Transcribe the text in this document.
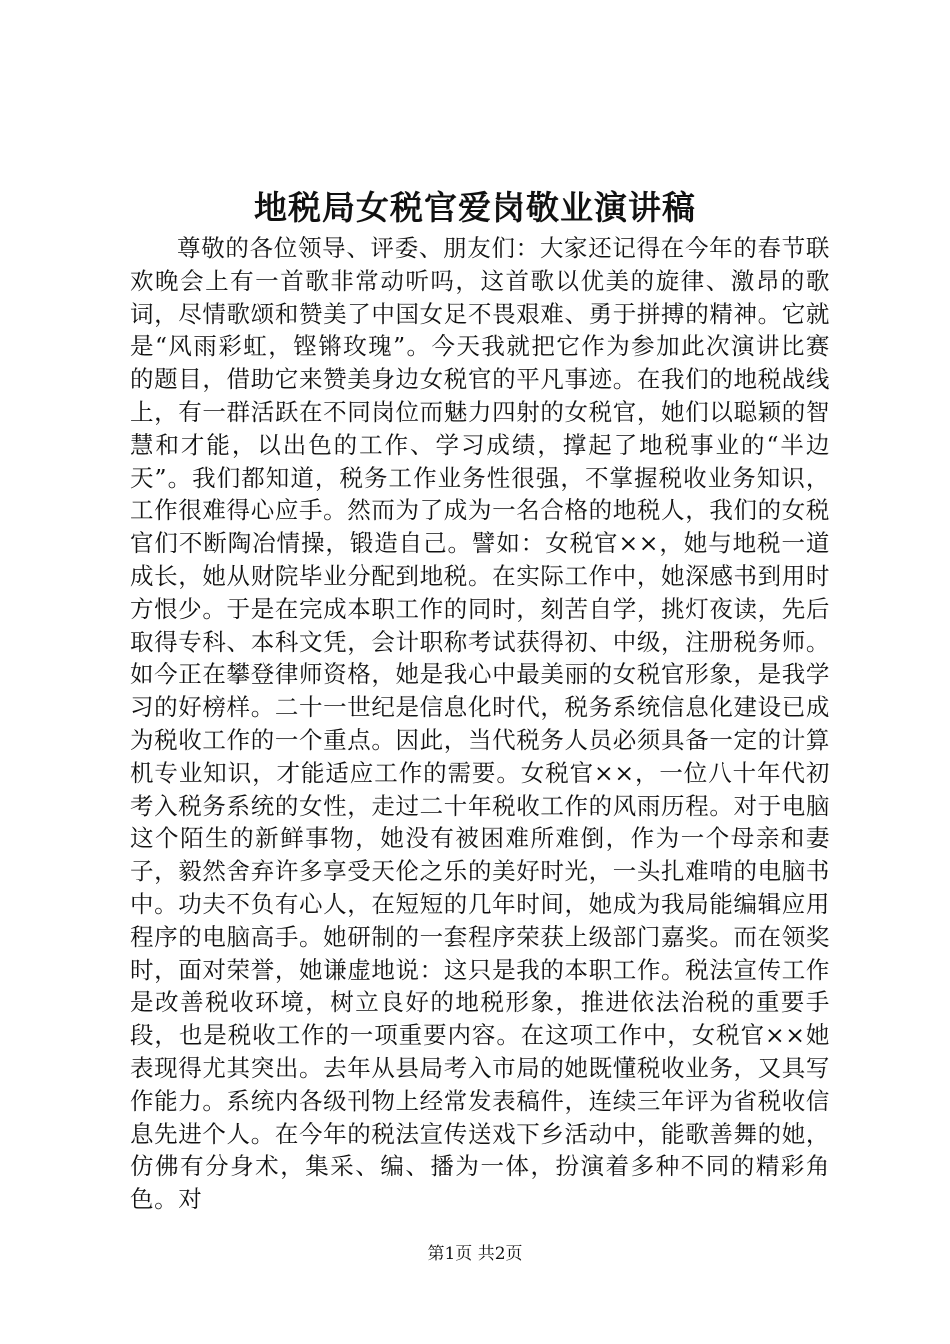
地税局女税官爱岗敬业演讲稿

尊敬的各位领导、评委、朋友们：大家还记得在今年的春节联欢晚会上有一首歌非常动听吗，这首歌以优美的旋律、激昂的歌词，尽情歌颂和赞美了中国女足不畏艰难、勇于拼搏的精神。它就是“风雨彩虹，铿锵玫瑰”。今天我就把它作为参加此次演讲比赛的题目，借助它来赞美身边女税官的平凡事迹。在我们的地税战线上，有一群活跃在不同岗位而魅力四射的女税官，她们以聪颖的智慧和才能，以出色的工作、学习成绩，撑起了地税事业的“半边天”。我们都知道，税务工作业务性很强，不掌握税收业务知识，工作很难得心应手。然而为了成为一名合格的地税人，我们的女税官们不断陶冶情操，锻造自己。譬如：女税官××，她与地税一道成长，她从财院毕业分配到地税。在实际工作中，她深感书到用时方恨少。于是在完成本职工作的同时，刻苦自学，挑灯夜读，先后取得专科、本科文凭，会计职称考试获得初、中级，注册税务师。如今正在攀登律师资格，她是我心中最美丽的女税官形象，是我学习的好榜样。二十一世纪是信息化时代，税务系统信息化建设已成为税收工作的一个重点。因此，当代税务人员必须具备一定的计算机专业知识，才能适应工作的需要。女税官××，一位八十年代初考入税务系统的女性，走过二十年税收工作的风雨历程。对于电脑这个陌生的新鲜事物，她没有被困难所难倒，作为一个母亲和妻子，毅然舍弃许多享受天伦之乐的美好时光，一头扎难啃的电脑书中。功夫不负有心人，在短短的几年时间，她成为我局能编辑应用程序的电脑高手。她研制的一套程序荣获上级部门嘉奖。而在领奖时，面对荣誉，她谦虚地说：这只是我的本职工作。税法宣传工作是改善税收环境，树立良好的地税形象，推进依法治税的重要手段，也是税收工作的一项重要内容。在这项工作中，女税官××她表现得尤其突出。去年从县局考入市局的她既懂税收业务，又具写作能力。系统内各级刊物上经常发表稿件，连续三年评为省税收信息先进个人。在今年的税法宣传送戏下乡活动中，能歌善舞的她，仿佛有分身术，集采、编、播为一体，扮演着多种不同的精彩角色。对

第1页 共2页
